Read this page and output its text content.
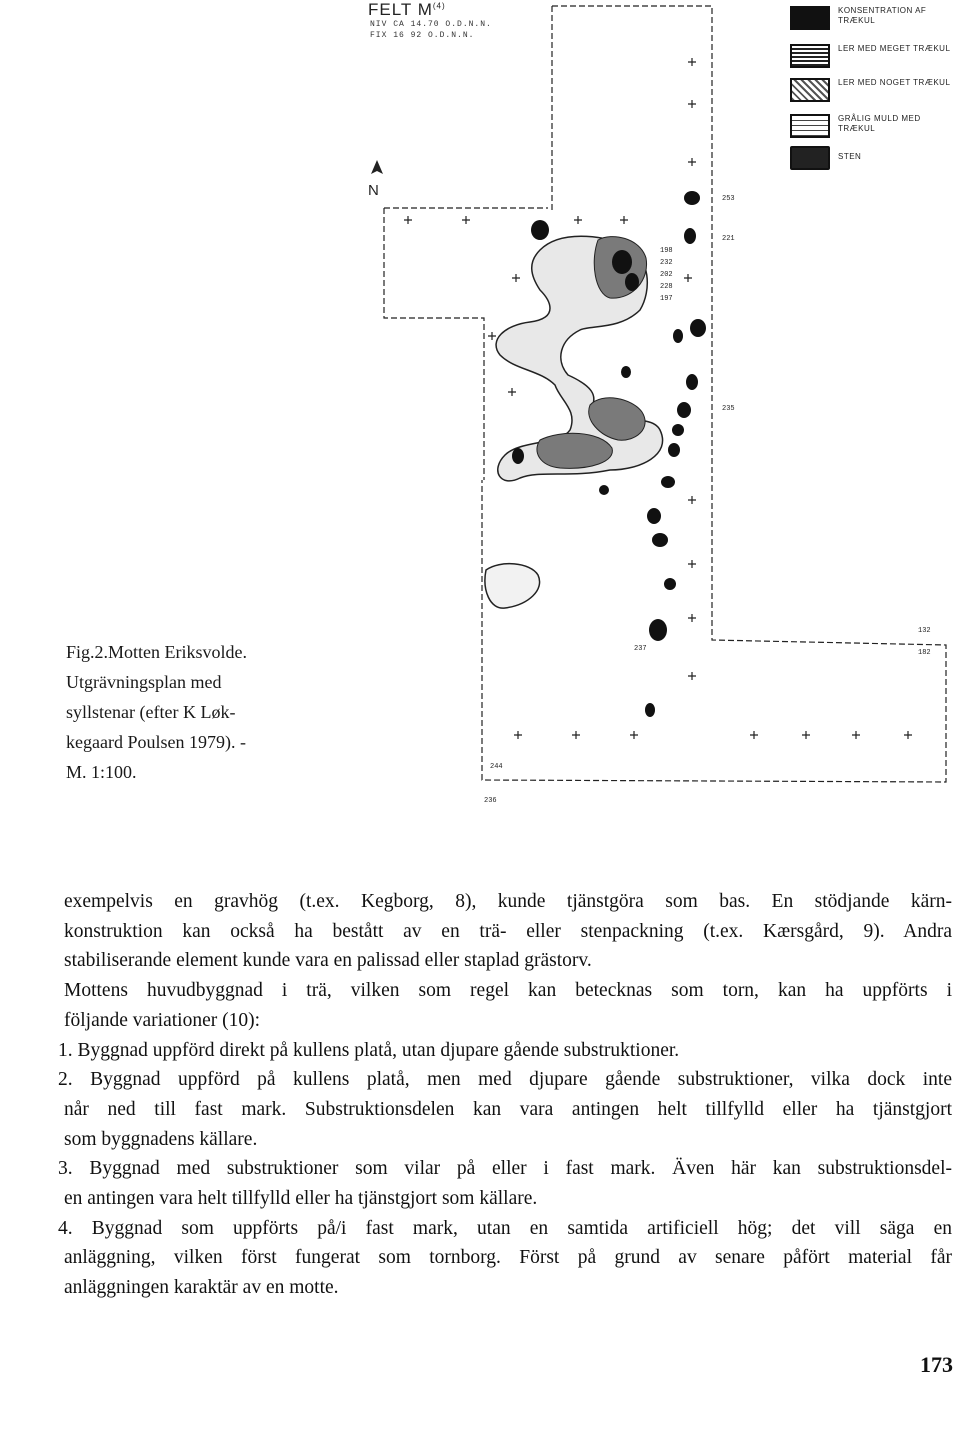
FELT $M^{(4)}$
NIV CA 14.70 O.D.N.N.
FIX 16 92 O.D.N.N.
N
KONSENTRATION AF TRÆKUL
LER MED MEGET TRÆKUL
LER MED NOGET TRÆKUL
GRÅLIG MULD MED TRÆKUL
STEN
132
182
244
236
198
232
202
228
197
253
221
235
237
Fig.2.Motten Eriksvolde.
Utgrävningsplan med
syllstenar (efter K Løk-
kegaard Poulsen 1979). -
M. 1:100.
exempelvis en gravhög (t.ex. Kegborg, 8), kunde tjänstgöra som bas. En stödjande kärn-
konstruktion kan också ha bestått av en trä- eller stenpackning (t.ex. Kærsgård, 9). Andra
stabiliserande element kunde vara en palissad eller staplad grästorv.
Mottens huvudbyggnad i trä, vilken som regel kan betecknas som torn, kan ha uppförts i
följande variationer (10):
1. Byggnad uppförd direkt på kullens platå, utan djupare gående substruktioner.
2. Byggnad uppförd på kullens platå, men med djupare gående substruktioner, vilka dock inte
når ned till fast mark. Substruktionsdelen kan vara antingen helt tillfylld eller ha tjänstgjort
som byggnadens källare.
3. Byggnad med substruktioner som vilar på eller i fast mark. Även här kan substruktionsdel-
en antingen vara helt tillfylld eller ha tjänstgjort som källare.
4. Byggnad som uppförts på/i fast mark, utan en samtida artificiell hög; det vill säga en
anläggning, vilken först fungerat som tornborg. Först på grund av senare påfört material får
anläggningen karaktär av en motte.
173
